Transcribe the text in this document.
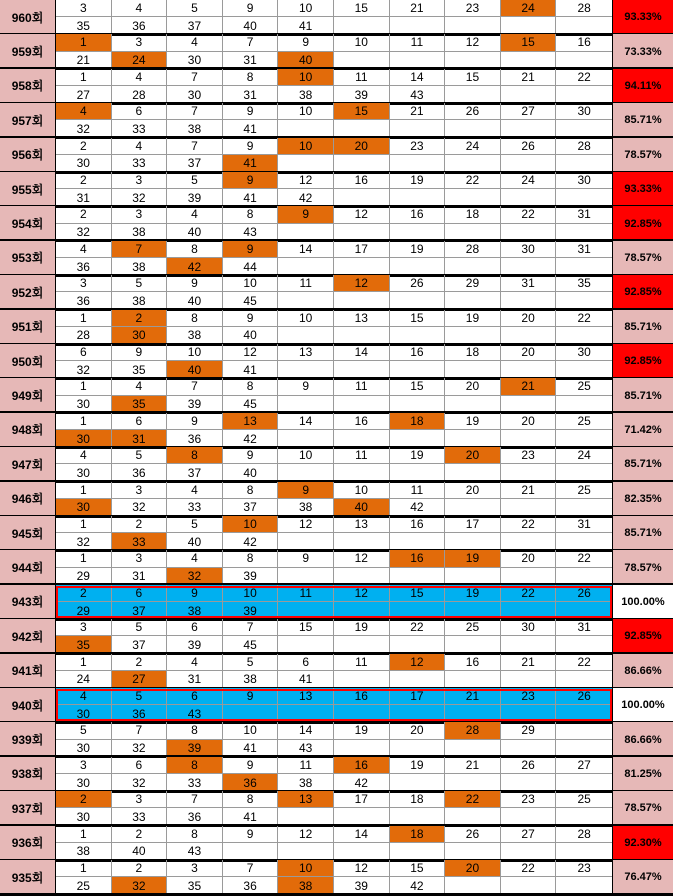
960회
3	4	5	9	10	15	21	23	24	28
35	36	37	40	41
93.33%
959회
1	3	4	7	9	10	11	12	15	16
21	24	30	31	40
73.33%
958회
1	4	7	8	10	11	14	15	21	22
27	28	30	31	38	39	43
94.11%
957회
4	6	7	9	10	15	21	26	27	30
32	33	38	41
85.71%
956회
2	4	7	9	10	20	23	24	26	28
30	33	37	41
78.57%
955회
2	3	5	9	12	16	19	22	24	30
31	32	39	41	42
93.33%
954회
2	3	4	8	9	12	16	18	22	31
32	38	40	43
92.85%
953회
4	7	8	9	14	17	19	28	30	31
36	38	42	44
78.57%
952회
3	5	9	10	11	12	26	29	31	35
36	38	40	45
92.85%
951회
1	2	8	9	10	13	15	19	20	22
28	30	38	40
85.71%
950회
6	9	10	12	13	14	16	18	20	30
32	35	40	41
92.85%
949회
1	4	7	8	9	11	15	20	21	25
30	35	39	45
85.71%
948회
1	6	9	13	14	16	18	19	20	25
30	31	36	42
71.42%
947회
4	5	8	9	10	11	19	20	23	24
30	36	37	40
85.71%
946회
1	3	4	8	9	10	11	20	21	25
30	32	33	37	38	40	42
82.35%
945회
1	2	5	10	12	13	16	17	22	31
32	33	40	42
85.71%
944회
1	3	4	8	9	12	16	19	20	22
29	31	32	39
78.57%
943회
2	6	9	10	11	12	15	19	22	26
29	37	38	39
100.00%
942회
3	5	6	7	15	19	22	25	30	31
35	37	39	45
92.85%
941회
1	2	4	5	6	11	12	16	21	22
24	27	31	38	41
86.66%
940회
4	5	6	9	13	16	17	21	23	26
30	36	43
100.00%
939회
5	7	8	10	14	19	20	28	29
30	32	39	41	43
86.66%
938회
3	6	8	9	11	16	19	21	26	27
30	32	33	36	38	42
81.25%
937회
2	3	7	8	13	17	18	22	23	25
30	33	36	41
78.57%
936회
1	2	8	9	12	14	18	26	27	28
38	40	43
92.30%
935회
1	2	3	7	10	12	15	20	22	23
25	32	35	36	38	39	42
76.47%
